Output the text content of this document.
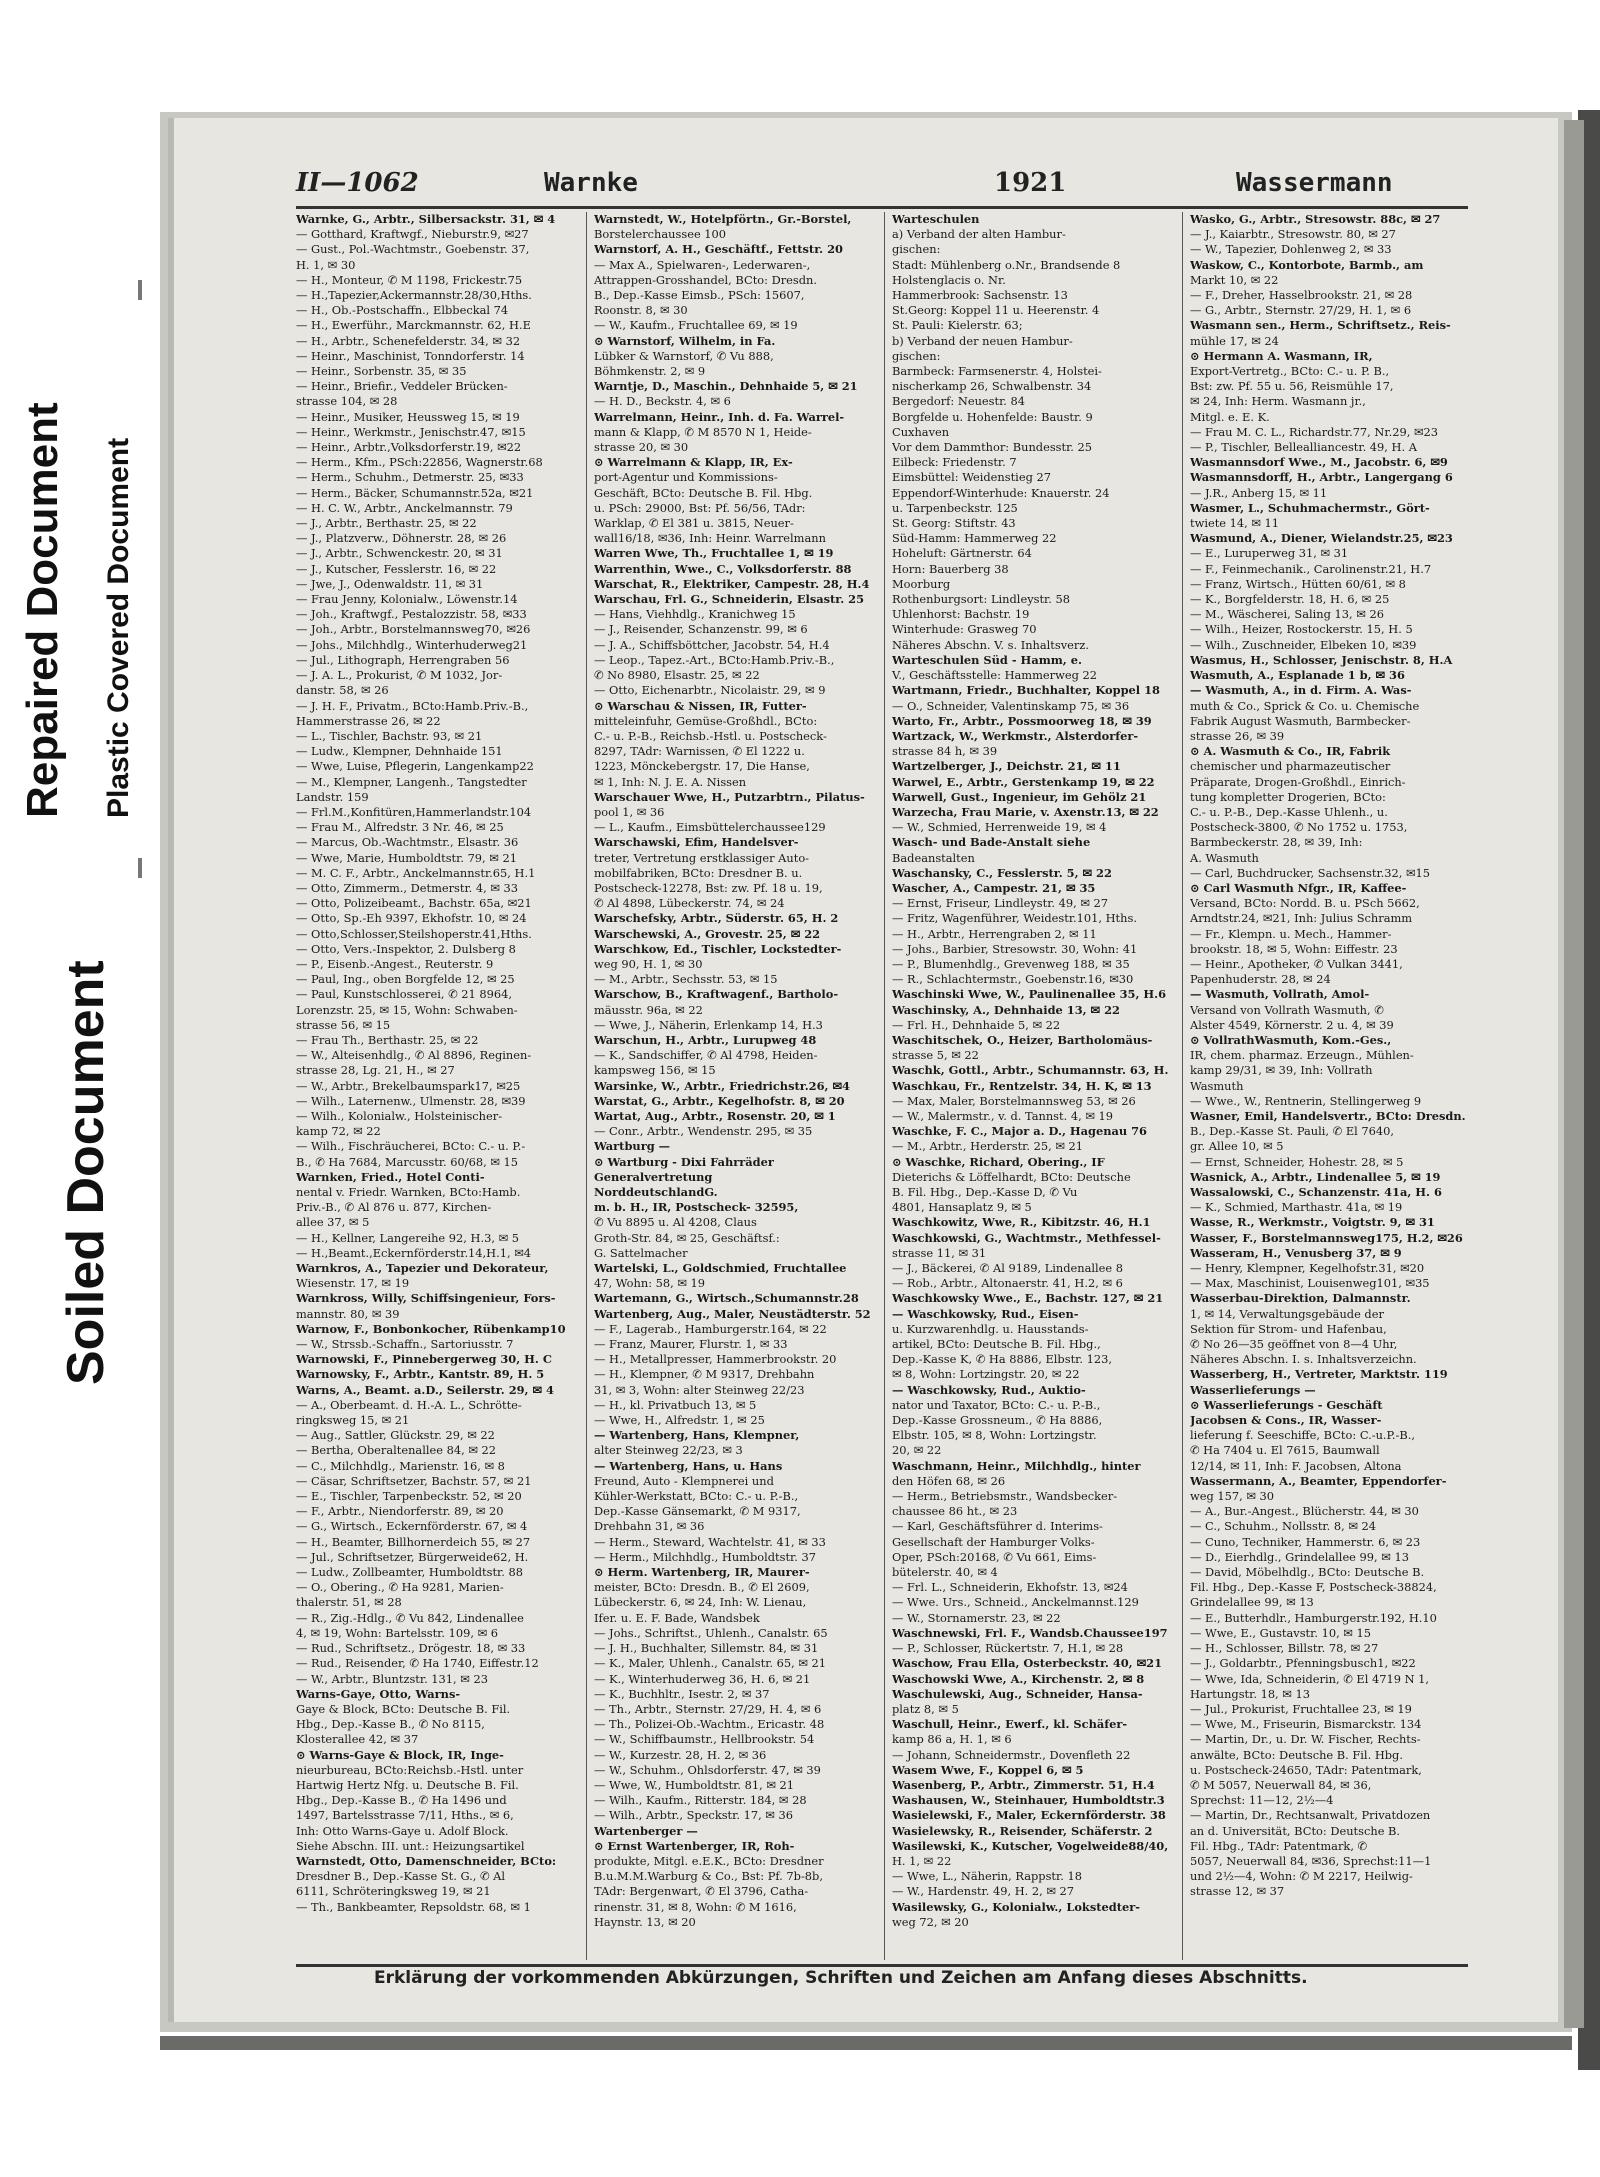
Repaired Document Plastic Covered Document
Soiled Document
II—1062	Warnke	1921	Wassermann
Warnke, G., Arbtr., Silbersackstr. 31, ✉ 4
— Gotthard, Kraftwgf., Nieburstr.9, ✉27
— Gust., Pol.-Wachtmstr., Goebenstr. 37,
H. 1, ✉ 30
— H., Monteur, ✆ M 1198, Frickestr.75
— H.,Tapezier,Ackermannstr.28/30,Hths.
— H., Ob.-Postschaffn., Elbbeckal 74
— H., Ewerführ., Marckmannstr. 62, H.E
— H., Arbtr., Schenefelderstr. 34, ✉ 32
— Heinr., Maschinist, Tonndorferstr. 14
— Heinr., Sorbenstr. 35, ✉ 35
— Heinr., Briefir., Veddeler Brücken-
strasse 104, ✉ 28
— Heinr., Musiker, Heussweg 15, ✉ 19
— Heinr., Werkmstr., Jenischstr.47, ✉15
— Heinr., Arbtr.,Volksdorferstr.19, ✉22
— Herm., Kfm., PSch:22856, Wagnerstr.68
— Herm., Schuhm., Detmerstr. 25, ✉33
— Herm., Bäcker, Schumannstr.52a, ✉21
— H. C. W., Arbtr., Anckelmannstr. 79
— J., Arbtr., Berthastr. 25, ✉ 22
— J., Platzverw., Döhnerstr. 28, ✉ 26
— J., Arbtr., Schwenckestr. 20, ✉ 31
— J., Kutscher, Fesslerstr. 16, ✉ 22
— Jwe, J., Odenwaldstr. 11, ✉ 31
— Frau Jenny, Kolonialw., Löwenstr.14
— Joh., Kraftwgf., Pestalozzistr. 58, ✉33
— Joh., Arbtr., Borstelmannsweg70, ✉26
— Johs., Milchhdlg., Winterhuderweg21
— Jul., Lithograph, Herrengraben 56
— J. A. L., Prokurist, ✆ M 1032, Jor-
danstr. 58, ✉ 26
— J. H. F., Privatm., BCto:Hamb.Priv.-B.,
Hammerstrasse 26, ✉ 22
— L., Tischler, Bachstr. 93, ✉ 21
— Ludw., Klempner, Dehnhaide 151
— Wwe, Luise, Pflegerin, Langenkamp22
— M., Klempner, Langenh., Tangstedter
Landstr. 159
— Frl.M.,Konfitüren,Hammerlandstr.104
— Frau M., Alfredstr. 3 Nr. 46, ✉ 25
— Marcus, Ob.-Wachtmstr., Elsastr. 36
— Wwe, Marie, Humboldtstr. 79, ✉ 21
— M. C. F., Arbtr., Anckelmannstr.65, H.1
— Otto, Zimmerm., Detmerstr. 4, ✉ 33
— Otto, Polizeibeamt., Bachstr. 65a, ✉21
— Otto, Sp.-Eh 9397, Ekhofstr. 10, ✉ 24
— Otto,Schlosser,Steilshoperstr.41,Hths.
— Otto, Vers.-Inspektor, 2. Dulsberg 8
— P., Eisenb.-Angest., Reuterstr. 9
— Paul, Ing., oben Borgfelde 12, ✉ 25
— Paul, Kunstschlosserei, ✆ 21 8964,
Lorenzstr. 25, ✉ 15, Wohn: Schwaben-
strasse 56, ✉ 15
— Frau Th., Berthastr. 25, ✉ 22
— W., Alteisenhdlg., ✆ Al 8896, Reginen-
strasse 28, Lg. 21, H., ✉ 27
— W., Arbtr., Brekelbaumspark17, ✉25
— Wilh., Laternenw., Ulmenstr. 28, ✉39
— Wilh., Kolonialw., Holsteinischer-
kamp 72, ✉ 22
— Wilh., Fischräucherei, BCto: C.- u. P.-
B., ✆ Ha 7684, Marcusstr. 60/68, ✉ 15
Warnken, Fried., Hotel Conti-
nental v. Friedr. Warnken, BCto:Hamb.
Priv.-B., ✆ Al 876 u. 877, Kirchen-
allee 37, ✉ 5
— H., Kellner, Langereihe 92, H.3, ✉ 5
— H.,Beamt.,Eckernförderstr.14,H.1, ✉4
Warnkros, A., Tapezier und Dekorateur,
Wiesenstr. 17, ✉ 19
Warnkross, Willy, Schiffsingenieur, Fors-
mannstr. 80, ✉ 39
Warnow, F., Bonbonkocher, Rübenkamp10
— W., Strssb.-Schaffn., Sartoriusstr. 7
Warnowski, F., Pinnebergerweg 30, H. C
Warnowsky, F., Arbtr., Kantstr. 89, H. 5
Warns, A., Beamt. a.D., Seilerstr. 29, ✉ 4
— A., Oberbeamt. d. H.-A. L., Schrötte-
ringksweg 15, ✉ 21
— Aug., Sattler, Glückstr. 29, ✉ 22
— Bertha, Oberaltenallee 84, ✉ 22
— C., Milchhdlg., Marienstr. 16, ✉ 8
— Cäsar, Schriftsetzer, Bachstr. 57, ✉ 21
— E., Tischler, Tarpenbeckstr. 52, ✉ 20
— F., Arbtr., Niendorferstr. 89, ✉ 20
— G., Wirtsch., Eckernförderstr. 67, ✉ 4
— H., Beamter, Billhornerdeich 55, ✉ 27
— Jul., Schriftsetzer, Bürgerweide62, H.
— Ludw., Zollbeamter, Humboldtstr. 88
— O., Obering., ✆ Ha 9281, Marien-
thalerstr. 51, ✉ 28
— R., Zig.-Hdlg., ✆ Vu 842, Lindenallee
4, ✉ 19, Wohn: Bartelsstr. 109, ✉ 6
— Rud., Schriftsetz., Drögestr. 18, ✉ 33
— Rud., Reisender, ✆ Ha 1740, Eiffestr.12
— W., Arbtr., Bluntzstr. 131, ✉ 23
Warns-Gaye, Otto, Warns-
Gaye & Block, BCto: Deutsche B. Fil.
Hbg., Dep.-Kasse B., ✆ No 8115,
Klosterallee 42, ✉ 37
⊙ Warns-Gaye & Block, IR, Inge-
nieurbureau, BCto:Reichsb.-Hstl. unter
Hartwig Hertz Nfg. u. Deutsche B. Fil.
Hbg., Dep.-Kasse B., ✆ Ha 1496 und
1497, Bartelsstrasse 7/11, Hths., ✉ 6,
Inh: Otto Warns-Gaye u. Adolf Block.
Siehe Abschn. III. unt.: Heizungsartikel
Warnstedt, Otto, Damenschneider, BCto:
Dresdner B., Dep.-Kasse St. G., ✆ Al
6111, Schröteringksweg 19, ✉ 21
— Th., Bankbeamter, Repsoldstr. 68, ✉ 1
Warnstedt, W., Hotelpförtn., Gr.-Borstel,
Borstelerchaussee 100
Warnstorf, A. H., Geschäftf., Fettstr. 20
— Max A., Spielwaren-, Lederwaren-,
Attrappen-Grosshandel, BCto: Dresdn.
B., Dep.-Kasse Eimsb., PSch: 15607,
Roonstr. 8, ✉ 30
— W., Kaufm., Fruchtallee 69, ✉ 19
⊙ Warnstorf, Wilhelm, in Fa.
Lübker & Warnstorf, ✆ Vu 888,
Böhmkenstr. 2, ✉ 9
Warntje, D., Maschin., Dehnhaide 5, ✉ 21
— H. D., Beckstr. 4, ✉ 6
Warrelmann, Heinr., Inh. d. Fa. Warrel-
mann & Klapp, ✆ M 8570 N 1, Heide-
strasse 20, ✉ 30
⊙ Warrelmann & Klapp, IR, Ex-
port-Agentur und Kommissions-
Geschäft, BCto: Deutsche B. Fil. Hbg.
u. PSch: 29000, Bst: Pf. 56/56, TAdr:
Warklap, ✆ El 381 u. 3815, Neuer-
wall16/18, ✉36, Inh: Heinr. Warrelmann
Warren Wwe, Th., Fruchtallee 1, ✉ 19
Warrenthin, Wwe., C., Volksdorferstr. 88
Warschat, R., Elektriker, Campestr. 28, H.4
Warschau, Frl. G., Schneiderin, Elsastr. 25
— Hans, Viehhdlg., Kranichweg 15
— J., Reisender, Schanzenstr. 99, ✉ 6
— J. A., Schiffsböttcher, Jacobstr. 54, H.4
— Leop., Tapez.-Art., BCto:Hamb.Priv.-B.,
✆ No 8980, Elsastr. 25, ✉ 22
— Otto, Eichenarbtr., Nicolaistr. 29, ✉ 9
⊙ Warschau & Nissen, IR, Futter-
mitteleinfuhr, Gemüse-Großhdl., BCto:
C.- u. P.-B., Reichsb.-Hstl. u. Postscheck-
8297, TAdr: Warnissen, ✆ El 1222 u.
1223, Mönckebergstr. 17, Die Hanse,
✉ 1, Inh: N. J. E. A. Nissen
Warschauer Wwe, H., Putzarbtrn., Pilatus-
pool 1, ✉ 36
— L., Kaufm., Eimsbüttelerchaussee129
Warschawski, Efim, Handelsver-
treter, Vertretung erstklassiger Auto-
mobilfabriken, BCto: Dresdner B. u.
Postscheck-12278, Bst: zw. Pf. 18 u. 19,
✆ Al 4898, Lübeckerstr. 74, ✉ 24
Warschefsky, Arbtr., Süderstr. 65, H. 2
Warschewski, A., Grovestr. 25, ✉ 22
Warschkow, Ed., Tischler, Lockstedter-
weg 90, H. 1, ✉ 30
— M., Arbtr., Sechsstr. 53, ✉ 15
Warschow, B., Kraftwagenf., Bartholo-
mäusstr. 96a, ✉ 22
— Wwe, J., Näherin, Erlenkamp 14, H.3
Warschun, H., Arbtr., Lurupweg 48
— K., Sandschiffer, ✆ Al 4798, Heiden-
kampsweg 156, ✉ 15
Warsinke, W., Arbtr., Friedrichstr.26, ✉4
Warstat, G., Arbtr., Kegelhofstr. 8, ✉ 20
Wartat, Aug., Arbtr., Rosenstr. 20, ✉ 1
— Conr., Arbtr., Wendenstr. 295, ✉ 35
Wartburg —
⊙ Wartburg - Dixi Fahrräder
Generalvertretung
NorddeutschlandG.
m. b. H., IR, Postscheck- 32595,
✆ Vu 8895 u. Al 4208, Claus
Groth-Str. 84, ✉ 25, Geschäftsf.:
G. Sattelmacher
Wartelski, L., Goldschmied, Fruchtallee
47, Wohn: 58, ✉ 19
Wartemann, G., Wirtsch.,Schumannstr.28
Wartenberg, Aug., Maler, Neustädterstr. 52
— F., Lagerab., Hamburgerstr.164, ✉ 22
— Franz, Maurer, Flurstr. 1, ✉ 33
— H., Metallpresser, Hammerbrookstr. 20
— H., Klempner, ✆ M 9317, Drehbahn
31, ✉ 3, Wohn: alter Steinweg 22/23
— H., kl. Privatbuch 13, ✉ 5
— Wwe, H., Alfredstr. 1, ✉ 25
— Wartenberg, Hans, Klempner,
alter Steinweg 22/23, ✉ 3
— Wartenberg, Hans, u. Hans
Freund, Auto - Klempnerei und
Kühler-Werkstatt, BCto: C.- u. P.-B.,
Dep.-Kasse Gänsemarkt, ✆ M 9317,
Drehbahn 31, ✉ 36
— Herm., Steward, Wachtelstr. 41, ✉ 33
— Herm., Milchhdlg., Humboldtstr. 37
⊙ Herm. Wartenberg, IR, Maurer-
meister, BCto: Dresdn. B., ✆ El 2609,
Lübeckerstr. 6, ✉ 24, Inh: W. Lienau,
Ifer. u. E. F. Bade, Wandsbek
— Johs., Schriftst., Uhlenh., Canalstr. 65
— J. H., Buchhalter, Sillemstr. 84, ✉ 31
— K., Maler, Uhlenh., Canalstr. 65, ✉ 21
— K., Winterhuderweg 36, H. 6, ✉ 21
— K., Buchhltr., Isestr. 2, ✉ 37
— Th., Arbtr., Sternstr. 27/29, H. 4, ✉ 6
— Th., Polizei-Ob.-Wachtm., Ericastr. 48
— W., Schiffbaumstr., Hellbrookstr. 54
— W., Kurzestr. 28, H. 2, ✉ 36
— W., Schuhm., Ohlsdorferstr. 47, ✉ 39
— Wwe, W., Humboldtstr. 81, ✉ 21
— Wilh., Kaufm., Ritterstr. 184, ✉ 28
— Wilh., Arbtr., Speckstr. 17, ✉ 36
Wartenberger —
⊙ Ernst Wartenberger, IR, Roh-
produkte, Mitgl. e.E.K., BCto: Dresdner
B.u.M.M.Warburg & Co., Bst: Pf. 7b-8b,
TAdr: Bergenwart, ✆ El 3796, Catha-
rinenstr. 31, ✉ 8, Wohn: ✆ M 1616,
Haynstr. 13, ✉ 20
Warteschulen
a) Verband der alten Hambur-
gischen:
Stadt: Mühlenberg o.Nr., Brandsende 8
Holstenglacis o. Nr.
Hammerbrook: Sachsenstr. 13
St.Georg: Koppel 11 u. Heerenstr. 4
St. Pauli: Kielerstr. 63;
b) Verband der neuen Hambur-
gischen:
Barmbeck: Farmsenerstr. 4, Holstei-
nischerkamp 26, Schwalbenstr. 34
Bergedorf: Neuestr. 84
Borgfelde u. Hohenfelde: Baustr. 9
Cuxhaven
Vor dem Dammthor: Bundesstr. 25
Eilbeck: Friedenstr. 7
Eimsbüttel: Weidenstieg 27
Eppendorf-Winterhude: Knauerstr. 24
u. Tarpenbeckstr. 125
St. Georg: Stiftstr. 43
Süd-Hamm: Hammerweg 22
Hoheluft: Gärtnerstr. 64
Horn: Bauerberg 38
Moorburg
Rothenburgsort: Lindleystr. 58
Uhlenhorst: Bachstr. 19
Winterhude: Grasweg 70
Näheres Abschn. V. s. Inhaltsverz.
Warteschulen Süd - Hamm, e.
V., Geschäftsstelle: Hammerweg 22
Wartmann, Friedr., Buchhalter, Koppel 18
— O., Schneider, Valentinskamp 75, ✉ 36
Warto, Fr., Arbtr., Possmoorweg 18, ✉ 39
Wartzack, W., Werkmstr., Alsterdorfer-
strasse 84 h, ✉ 39
Wartzelberger, J., Deichstr. 21, ✉ 11
Warwel, E., Arbtr., Gerstenkamp 19, ✉ 22
Warwell, Gust., Ingenieur, im Gehölz 21
Warzecha, Frau Marie, v. Axenstr.13, ✉ 22
— W., Schmied, Herrenweide 19, ✉ 4
Wasch- und Bade-Anstalt siehe
Badeanstalten
Waschansky, C., Fesslerstr. 5, ✉ 22
Wascher, A., Campestr. 21, ✉ 35
— Ernst, Friseur, Lindleystr. 49, ✉ 27
— Fritz, Wagenführer, Weidestr.101, Hths.
— H., Arbtr., Herrengraben 2, ✉ 11
— Johs., Barbier, Stresowstr. 30, Wohn: 41
— P., Blumenhdlg., Grevenweg 188, ✉ 35
— R., Schlachtermstr., Goebenstr.16, ✉30
Waschinski Wwe, W., Paulinenallee 35, H.6
Waschinsky, A., Dehnhaide 13, ✉ 22
— Frl. H., Dehnhaide 5, ✉ 22
Waschitschek, O., Heizer, Bartholomäus-
strasse 5, ✉ 22
Waschk, Gottl., Arbtr., Schumannstr. 63, H.
Waschkau, Fr., Rentzelstr. 34, H. K, ✉ 13
— Max, Maler, Borstelmannsweg 53, ✉ 26
— W., Malermstr., v. d. Tannst. 4, ✉ 19
Waschke, F. C., Major a. D., Hagenau 76
— M., Arbtr., Herderstr. 25, ✉ 21
⊙ Waschke, Richard, Obering., IF
Dieterichs & Löffelhardt, BCto: Deutsche
B. Fil. Hbg., Dep.-Kasse D, ✆ Vu
4801, Hansaplatz 9, ✉ 5
Waschkowitz, Wwe, R., Kibitzstr. 46, H.1
Waschkowski, G., Wachtmstr., Methfessel-
strasse 11, ✉ 31
— J., Bäckerei, ✆ Al 9189, Lindenallee 8
— Rob., Arbtr., Altonaerstr. 41, H.2, ✉ 6
Waschkowsky Wwe., E., Bachstr. 127, ✉ 21
— Waschkowsky, Rud., Eisen-
u. Kurzwarenhdlg. u. Hausstands-
artikel, BCto: Deutsche B. Fil. Hbg.,
Dep.-Kasse K, ✆ Ha 8886, Elbstr. 123,
✉ 8, Wohn: Lortzingstr. 20, ✉ 22
— Waschkowsky, Rud., Auktio-
nator und Taxator, BCto: C.- u. P.-B.,
Dep.-Kasse Grossneum., ✆ Ha 8886,
Elbstr. 105, ✉ 8, Wohn: Lortzingstr.
20, ✉ 22
Waschmann, Heinr., Milchhdlg., hinter
den Höfen 68, ✉ 26
— Herm., Betriebsmstr., Wandsbecker-
chaussee 86 ht., ✉ 23
— Karl, Geschäftsführer d. Interims-
Gesellschaft der Hamburger Volks-
Oper, PSch:20168, ✆ Vu 661, Eims-
bütelerstr. 40, ✉ 4
— Frl. L., Schneiderin, Ekhofstr. 13, ✉24
— Wwe. Urs., Schneid., Anckelmannst.129
— W., Stornamerstr. 23, ✉ 22
Waschnewski, Frl. F., Wandsb.Chaussee197
— P., Schlosser, Rückertstr. 7, H.1, ✉ 28
Waschow, Frau Ella, Osterbeckstr. 40, ✉21
Waschowski Wwe, A., Kirchenstr. 2, ✉ 8
Waschulewski, Aug., Schneider, Hansa-
platz 8, ✉ 5
Waschull, Heinr., Ewerf., kl. Schäfer-
kamp 86 a, H. 1, ✉ 6
— Johann, Schneidermstr., Dovenfleth 22
Wasem Wwe, F., Koppel 6, ✉ 5
Wasenberg, P., Arbtr., Zimmerstr. 51, H.4
Washausen, W., Steinhauer, Humboldtstr.3
Wasielewski, F., Maler, Eckernförderstr. 38
Wasielewsky, R., Reisender, Schäferstr. 2
Wasilewski, K., Kutscher, Vogelweide88/40,
H. 1, ✉ 22
— Wwe, L., Näherin, Rappstr. 18
— W., Hardenstr. 49, H. 2, ✉ 27
Wasilewsky, G., Kolonialw., Lokstedter-
weg 72, ✉ 20
Wasko, G., Arbtr., Stresowstr. 88c, ✉ 27
— J., Kaiarbtr., Stresowstr. 80, ✉ 27
— W., Tapezier, Dohlenweg 2, ✉ 33
Waskow, C., Kontorbote, Barmb., am
Markt 10, ✉ 22
— F., Dreher, Hasselbrookstr. 21, ✉ 28
— G., Arbtr., Sternstr. 27/29, H. 1, ✉ 6
Wasmann sen., Herm., Schriftsetz., Reis-
mühle 17, ✉ 24
⊙ Hermann A. Wasmann, IR,
Export-Vertretg., BCto: C.- u. P. B.,
Bst: zw. Pf. 55 u. 56, Reismühle 17,
✉ 24, Inh: Herm. Wasmann jr.,
Mitgl. e. E. K.
— Frau M. C. L., Richardstr.77, Nr.29, ✉23
— P., Tischler, Bellealliancestr. 49, H. A
Wasmannsdorf Wwe., M., Jacobstr. 6, ✉9
Wasmannsdorff, H., Arbtr., Langergang 6
— J.R., Anberg 15, ✉ 11
Wasmer, L., Schuhmachermstr., Gört-
twiete 14, ✉ 11
Wasmund, A., Diener, Wielandstr.25, ✉23
— E., Luruperweg 31, ✉ 31
— F., Feinmechanik., Carolinenstr.21, H.7
— Franz, Wirtsch., Hütten 60/61, ✉ 8
— K., Borgfelderstr. 18, H. 6, ✉ 25
— M., Wäscherei, Saling 13, ✉ 26
— Wilh., Heizer, Rostockerstr. 15, H. 5
— Wilh., Zuschneider, Elbeken 10, ✉39
Wasmus, H., Schlosser, Jenischstr. 8, H.A
Wasmuth, A., Esplanade 1 b, ✉ 36
— Wasmuth, A., in d. Firm. A. Was-
muth & Co., Sprick & Co. u. Chemische
Fabrik August Wasmuth, Barmbecker-
strasse 26, ✉ 39
⊙ A. Wasmuth & Co., IR, Fabrik
chemischer und pharmazeutischer
Präparate, Drogen-Großhdl., Einrich-
tung kompletter Drogerien, BCto:
C.- u. P.-B., Dep.-Kasse Uhlenh., u.
Postscheck-3800, ✆ No 1752 u. 1753,
Barmbeckerstr. 28, ✉ 39, Inh:
A. Wasmuth
— Carl, Buchdrucker, Sachsenstr.32, ✉15
⊙ Carl Wasmuth Nfgr., IR, Kaffee-
Versand, BCto: Nordd. B. u. PSch 5662,
Arndtstr.24, ✉21, Inh: Julius Schramm
— Fr., Klempn. u. Mech., Hammer-
brookstr. 18, ✉ 5, Wohn: Eiffestr. 23
— Heinr., Apotheker, ✆ Vulkan 3441,
Papenhuderstr. 28, ✉ 24
— Wasmuth, Vollrath, Amol-
Versand von Vollrath Wasmuth, ✆
Alster 4549, Körnerstr. 2 u. 4, ✉ 39
⊙ VollrathWasmuth, Kom.-Ges.,
IR, chem. pharmaz. Erzeugn., Mühlen-
kamp 29/31, ✉ 39, Inh: Vollrath
Wasmuth
— Wwe., W., Rentnerin, Stellingerweg 9
Wasner, Emil, Handelsvertr., BCto: Dresdn.
B., Dep.-Kasse St. Pauli, ✆ El 7640,
gr. Allee 10, ✉ 5
— Ernst, Schneider, Hohestr. 28, ✉ 5
Wasnick, A., Arbtr., Lindenallee 5, ✉ 19
Wassalowski, C., Schanzenstr. 41a, H. 6
— K., Schmied, Marthastr. 41a, ✉ 19
Wasse, R., Werkmstr., Voigtstr. 9, ✉ 31
Wasser, F., Borstelmannsweg175, H.2, ✉26
Wasseram, H., Venusberg 37, ✉ 9
— Henry, Klempner, Kegelhofstr.31, ✉20
— Max, Maschinist, Louisenweg101, ✉35
Wasserbau-Direktion, Dalmannstr.
1, ✉ 14, Verwaltungsgebäude der
Sektion für Strom- und Hafenbau,
✆ No 26—35 geöffnet von 8—4 Uhr,
Näheres Abschn. I. s. Inhaltsverzeichn.
Wasserberg, H., Vertreter, Marktstr. 119
Wasserlieferungs —
⊙ Wasserlieferungs - Geschäft
Jacobsen & Cons., IR, Wasser-
lieferung f. Seeschiffe, BCto: C.-u.P.-B.,
✆ Ha 7404 u. El 7615, Baumwall
12/14, ✉ 11, Inh: F. Jacobsen, Altona
Wassermann, A., Beamter, Eppendorfer-
weg 157, ✉ 30
— A., Bur.-Angest., Blücherstr. 44, ✉ 30
— C., Schuhm., Nollsstr. 8, ✉ 24
— Cuno, Techniker, Hammerstr. 6, ✉ 23
— D., Eierhdlg., Grindelallee 99, ✉ 13
— David, Möbelhdlg., BCto: Deutsche B.
Fil. Hbg., Dep.-Kasse F, Postscheck-38824,
Grindelallee 99, ✉ 13
— E., Butterhdlr., Hamburgerstr.192, H.10
— Wwe, E., Gustavstr. 10, ✉ 15
— H., Schlosser, Billstr. 78, ✉ 27
— J., Goldarbtr., Pfenningsbusch1, ✉22
— Wwe, Ida, Schneiderin, ✆ El 4719 N 1,
Hartungstr. 18, ✉ 13
— Jul., Prokurist, Fruchtallee 23, ✉ 19
— Wwe, M., Friseurin, Bismarckstr. 134
— Martin, Dr., u. Dr. W. Fischer, Rechts-
anwälte, BCto: Deutsche B. Fil. Hbg.
u. Postscheck-24650, TAdr: Patentmark,
✆ M 5057, Neuerwall 84, ✉ 36,
Sprechst: 11—12, 2½—4
— Martin, Dr., Rechtsanwalt, Privatdozen
an d. Universität, BCto: Deutsche B.
Fil. Hbg., TAdr: Patentmark, ✆
5057, Neuerwall 84, ✉36, Sprechst:11—1
und 2½—4, Wohn: ✆ M 2217, Heilwig-
strasse 12, ✉ 37
Erklärung der vorkommenden Abkürzungen, Schriften und Zeichen am Anfang dieses Abschnitts.
